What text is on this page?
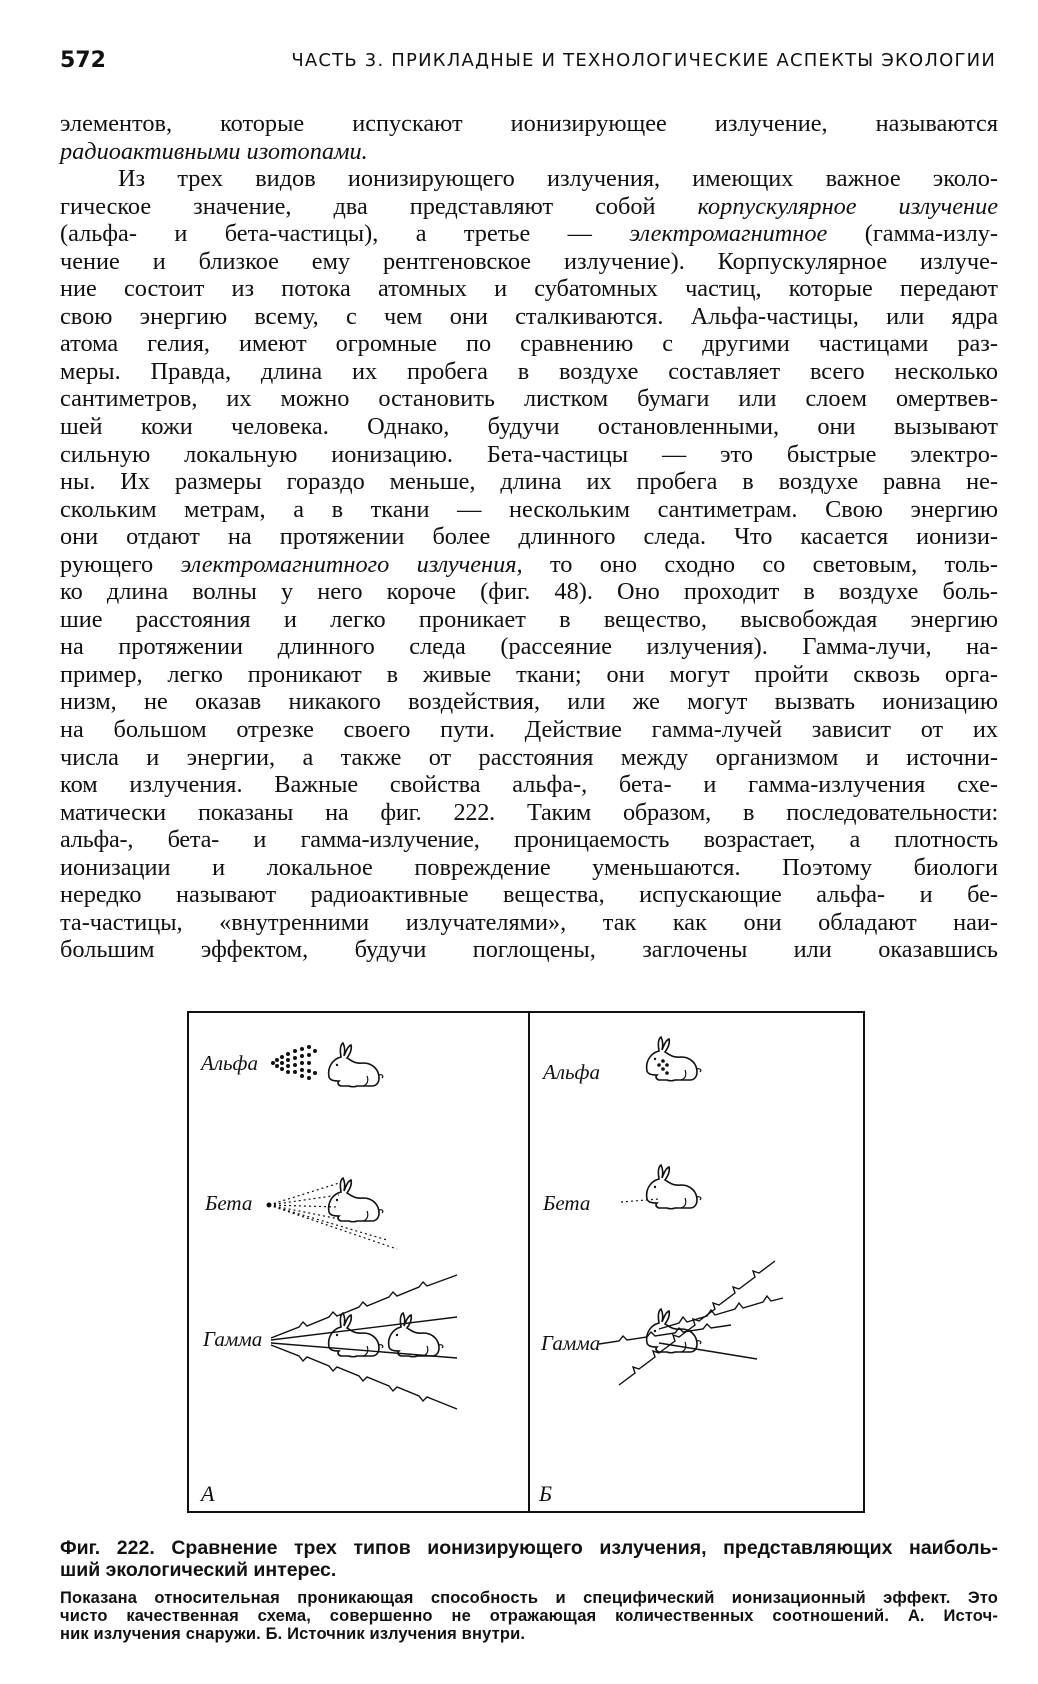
572	ЧАСТЬ 3. ПРИКЛАДНЫЕ И ТЕХНОЛОГИЧЕСКИЕ АСПЕКТЫ ЭКОЛОГИИ
элементов, которые испускают ионизирующее излучение, называются
радиоактивными изотопами.
Из трех видов ионизирующего излучения, имеющих важное эколо-
гическое значение, два представляют собой корпускулярное излучение
(альфа- и бета-частицы), а третье — электромагнитное (гамма-излу-
чение и близкое ему рентгеновское излучение). Корпускулярное излуче-
ние состоит из потока атомных и субатомных частиц, которые передают
свою энергию всему, с чем они сталкиваются. Альфа-частицы, или ядра
атома гелия, имеют огромные по сравнению с другими частицами раз-
меры. Правда, длина их пробега в воздухе составляет всего несколько
сантиметров, их можно остановить листком бумаги или слоем омертвев-
шей кожи человека. Однако, будучи остановленными, они вызывают
сильную локальную ионизацию. Бета-частицы — это быстрые электро-
ны. Их размеры гораздо меньше, длина их пробега в воздухе равна не-
скольким метрам, а в ткани — нескольким сантиметрам. Свою энергию
они отдают на протяжении более длинного следа. Что касается ионизи-
рующего электромагнитного излучения, то оно сходно со световым, толь-
ко длина волны у него короче (фиг. 48). Оно проходит в воздухе боль-
шие расстояния и легко проникает в вещество, высвобождая энергию
на протяжении длинного следа (рассеяние излучения). Гамма-лучи, на-
пример, легко проникают в живые ткани; они могут пройти сквозь орга-
низм, не оказав никакого воздействия, или же могут вызвать ионизацию
на большом отрезке своего пути. Действие гамма-лучей зависит от их
числа и энергии, а также от расстояния между организмом и источни-
ком излучения. Важные свойства альфа-, бета- и гамма-излучения схе-
матически показаны на фиг. 222. Таким образом, в последовательности:
альфа-, бета- и гамма-излучение, проницаемость возрастает, а плотность
ионизации и локальное повреждение уменьшаются. Поэтому биологи
нередко называют радиоактивные вещества, испускающие альфа- и бе-
та-частицы, «внутренними излучателями», так как они обладают наи-
большим эффектом, будучи поглощены, заглочены или оказавшись
Альфа
Бета
Гамма
А
Альфа
Бета
Гамма
Б
Фиг. 222. Сравнение трех типов ионизирующего излучения, представляющих наиболь-
ший экологический интерес.
Показана относительная проникающая способность и специфический ионизационный эффект. Это
чисто качественная схема, совершенно не отражающая количественных соотношений. А. Источ-
ник излучения снаружи. Б. Источник излучения внутри.
